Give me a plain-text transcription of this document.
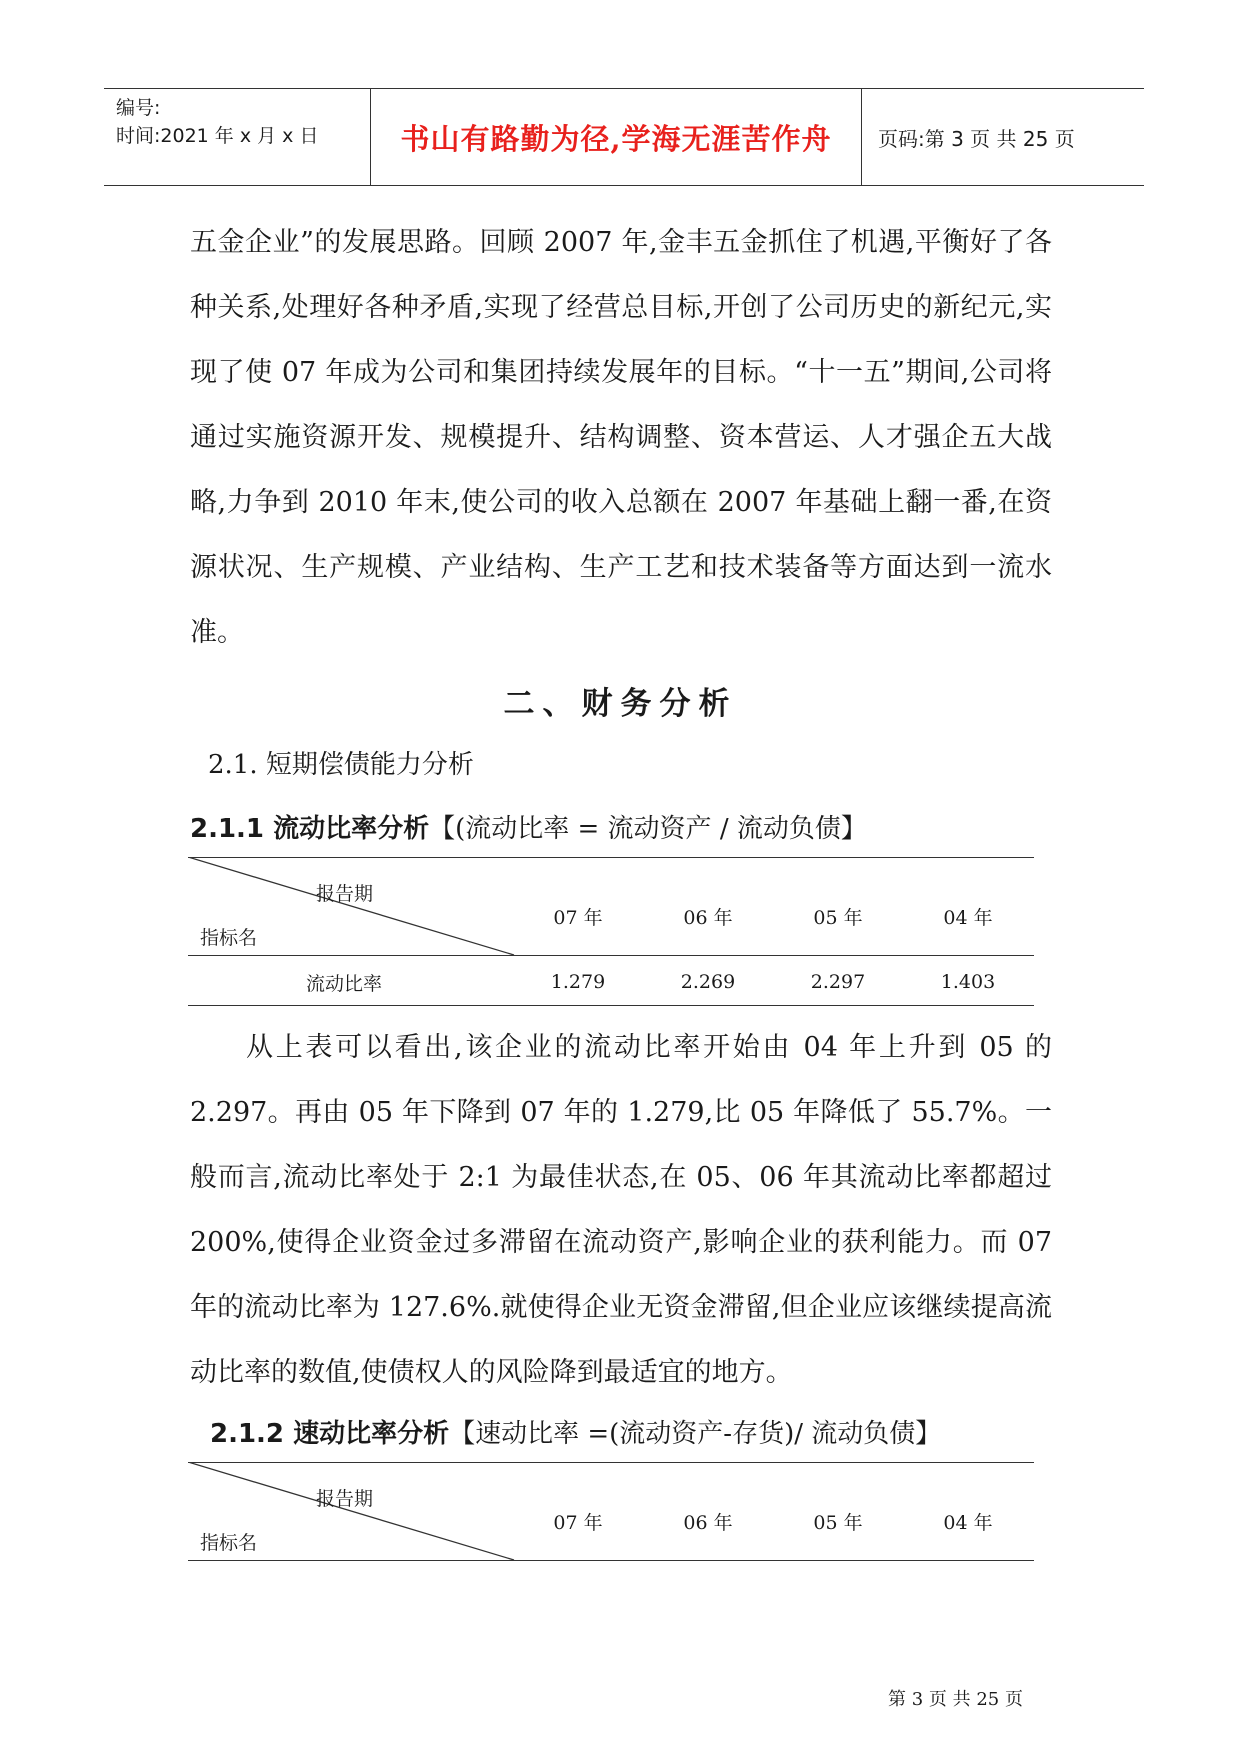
编号:
时间:2021 年 x 月 x 日	书山有路勤为径,学海无涯苦作舟 页码:第 3 页 共 25 页

五金企业”的发展思路。回顾 2007 年,金丰五金抓住了机遇,平衡好了各种关系,处理好各种矛盾,实现了经营总目标,开创了公司历史的新纪元,实现了使 07 年成为公司和集团持续发展年的目标。“十一五”期间,公司将通过实施资源开发、规模提升、结构调整、资本营运、人才强企五大战略,力争到 2010 年末,使公司的收入总额在 2007 年基础上翻一番,在资源状况、生产规模、产业结构、生产工艺和技术装备等方面达到一流水准。

二、财务分析
2.1. 短期偿债能力分析
2.1.1 流动比率分析【(流动比率 = 流动资产 / 流动负债】
报告期
指标名
07 年	06 年	05 年	04 年
流动比率	1.279	2.269	2.297	1.403

从上表可以看出,该企业的流动比率开始由 04 年上升到 05 的 2.297。再由 05 年下降到 07 年的 1.279,比 05 年降低了 55.7%。一般而言,流动比率处于 2:1 为最佳状态,在 05、06 年其流动比率都超过 200%,使得企业资金过多滞留在流动资产,影响企业的获利能力。而 07 年的流动比率为 127.6%.就使得企业无资金滞留,但企业应该继续提高流动比率的数值,使债权人的风险降到最适宜的地方。

2.1.2 速动比率分析【速动比率 =(流动资产-存货)/ 流动负债】
报告期
指标名
07 年	06 年	05 年	04 年
第 3 页 共 25 页
